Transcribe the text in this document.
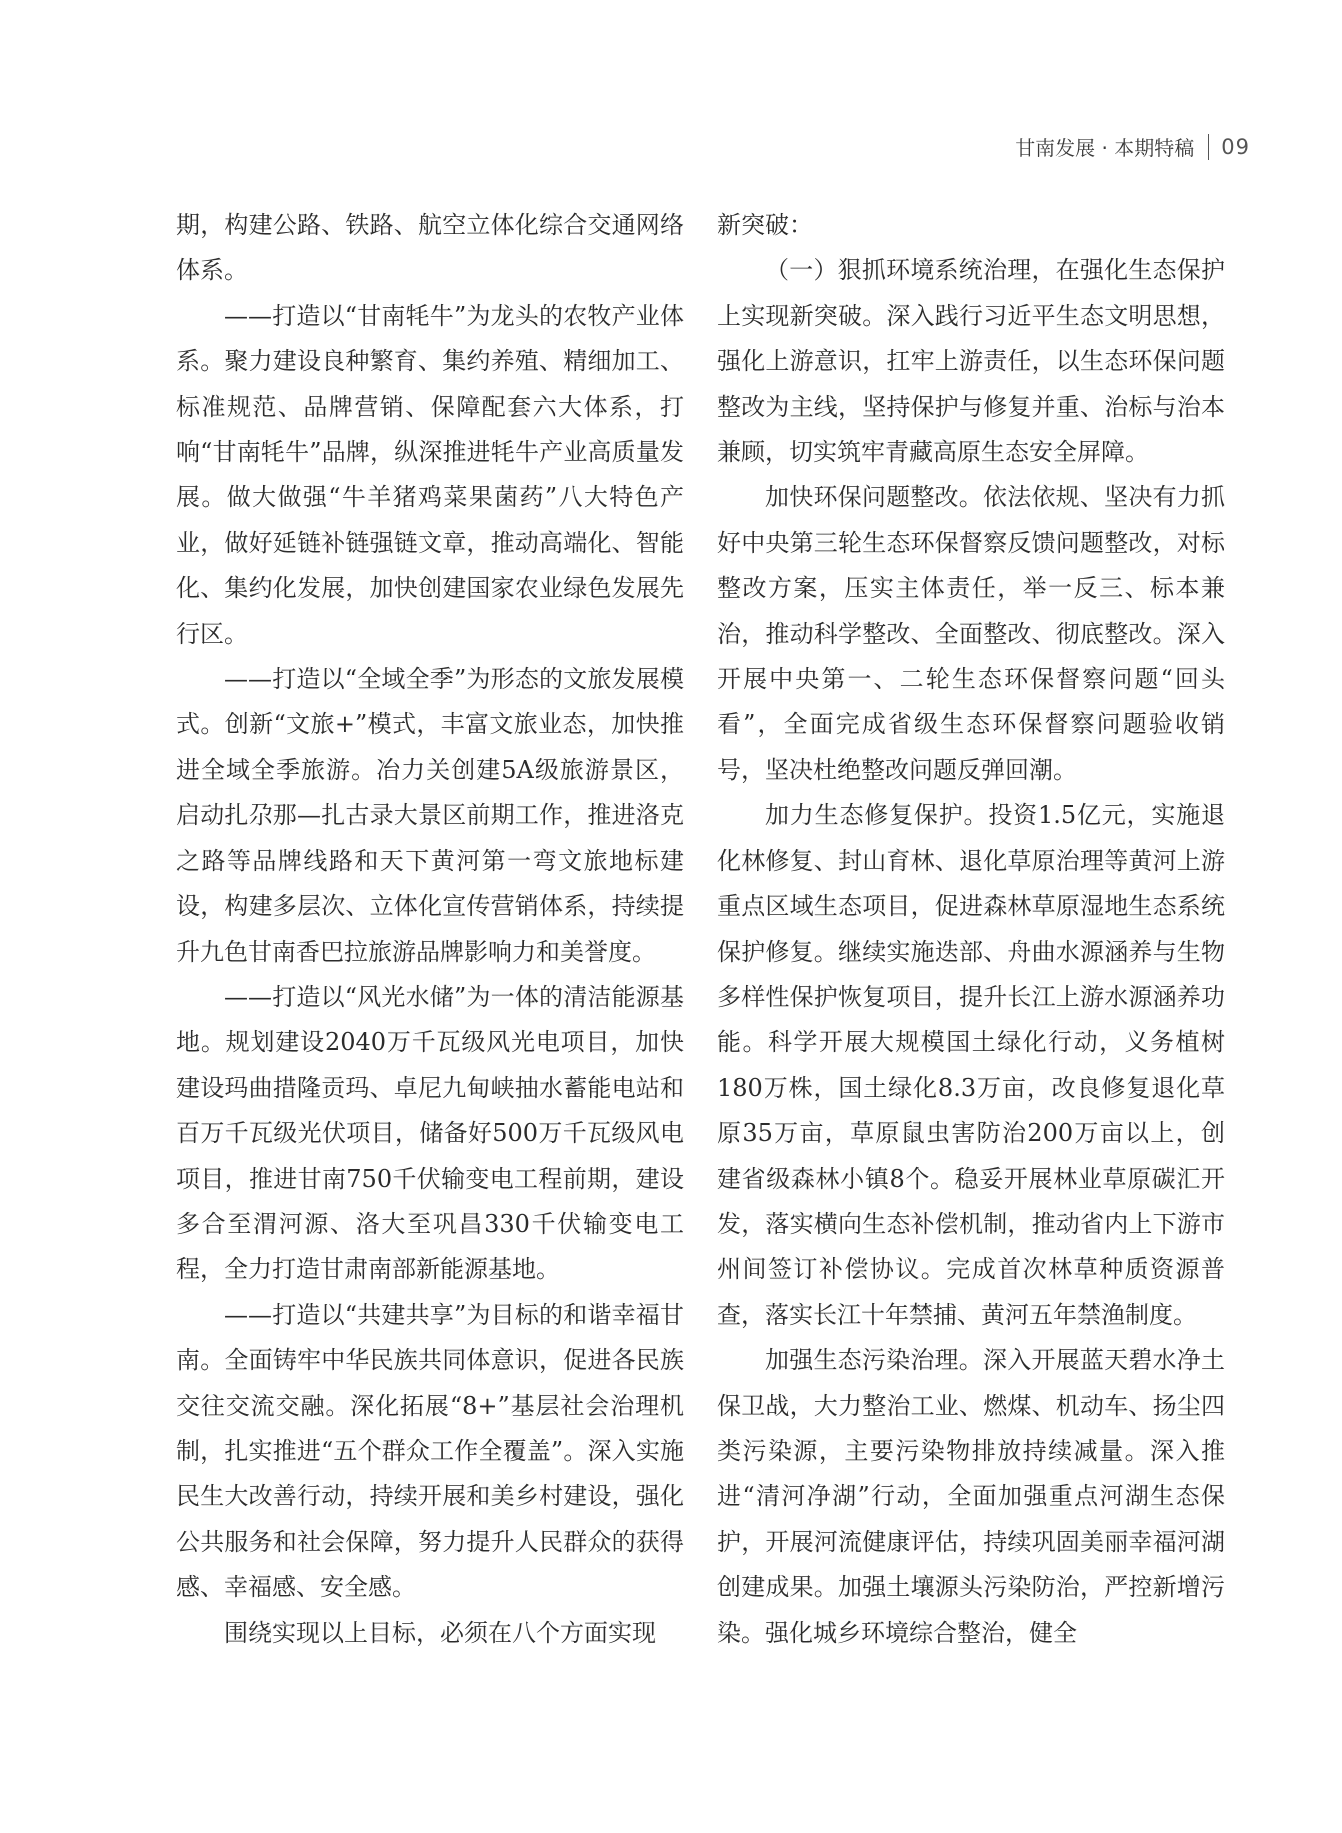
甘南发展 · 本期特稿 09

期，构建公路、铁路、航空立体化综合交通网络体系。

——打造以“甘南牦牛”为龙头的农牧产业体系。聚力建设良种繁育、集约养殖、精细加工、标准规范、品牌营销、保障配套六大体系，打响“甘南牦牛”品牌，纵深推进牦牛产业高质量发展。做大做强“牛羊猪鸡菜果菌药”八大特色产业，做好延链补链强链文章，推动高端化、智能化、集约化发展，加快创建国家农业绿色发展先行区。

——打造以“全域全季”为形态的文旅发展模式。创新“文旅+”模式，丰富文旅业态，加快推进全域全季旅游。冶力关创建5A级旅游景区，启动扎尕那—扎古录大景区前期工作，推进洛克之路等品牌线路和天下黄河第一弯文旅地标建设，构建多层次、立体化宣传营销体系，持续提升九色甘南香巴拉旅游品牌影响力和美誉度。

——打造以“风光水储”为一体的清洁能源基地。规划建设2040万千瓦级风光电项目，加快建设玛曲措隆贡玛、卓尼九甸峡抽水蓄能电站和百万千瓦级光伏项目，储备好500万千瓦级风电项目，推进甘南750千伏输变电工程前期，建设多合至渭河源、洛大至巩昌330千伏输变电工程，全力打造甘肃南部新能源基地。

——打造以“共建共享”为目标的和谐幸福甘南。全面铸牢中华民族共同体意识，促进各民族交往交流交融。深化拓展“8+”基层社会治理机制，扎实推进“五个群众工作全覆盖”。深入实施民生大改善行动，持续开展和美乡村建设，强化公共服务和社会保障，努力提升人民群众的获得感、幸福感、安全感。

围绕实现以上目标，必须在八个方面实现

新突破：

（一）狠抓环境系统治理，在强化生态保护上实现新突破。深入践行习近平生态文明思想，强化上游意识，扛牢上游责任，以生态环保问题整改为主线，坚持保护与修复并重、治标与治本兼顾，切实筑牢青藏高原生态安全屏障。

加快环保问题整改。依法依规、坚决有力抓好中央第三轮生态环保督察反馈问题整改，对标整改方案，压实主体责任，举一反三、标本兼治，推动科学整改、全面整改、彻底整改。深入开展中央第一、二轮生态环保督察问题“回头看”，全面完成省级生态环保督察问题验收销号，坚决杜绝整改问题反弹回潮。

加力生态修复保护。投资1.5亿元，实施退化林修复、封山育林、退化草原治理等黄河上游重点区域生态项目，促进森林草原湿地生态系统保护修复。继续实施迭部、舟曲水源涵养与生物多样性保护恢复项目，提升长江上游水源涵养功能。科学开展大规模国土绿化行动，义务植树180万株，国土绿化8.3万亩，改良修复退化草原35万亩，草原鼠虫害防治200万亩以上，创建省级森林小镇8个。稳妥开展林业草原碳汇开发，落实横向生态补偿机制，推动省内上下游市州间签订补偿协议。完成首次林草种质资源普查，落实长江十年禁捕、黄河五年禁渔制度。

加强生态污染治理。深入开展蓝天碧水净土保卫战，大力整治工业、燃煤、机动车、扬尘四类污染源，主要污染物排放持续减量。深入推进“清河净湖”行动，全面加强重点河湖生态保护，开展河流健康评估，持续巩固美丽幸福河湖创建成果。加强土壤源头污染防治，严控新增污染。强化城乡环境综合整治，健全
